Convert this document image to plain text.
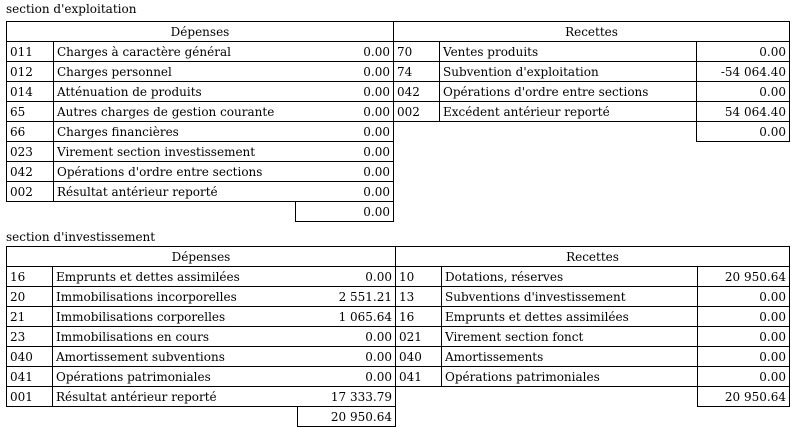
section d'exploitation
Dépenses			Recettes		
011	Charges à caractère général	0.00	70	Ventes produits	0.00
012	Charges personnel	0.00	74	Subvention d'exploitation	-54 064.40
014	Atténuation de produits	0.00	042	Opérations d'ordre entre sections	0.00
65	Autres charges de gestion courante	0.00	002	Excédent antérieur reporté	54 064.40
66	Charges financières	0.00			0.00
023	Virement section investissement	0.00			
042	Opérations d'ordre entre sections	0.00			
002	Résultat antérieur reporté	0.00			
		0.00			
section d'investissement
Dépenses			Recettes		
16	Emprunts et dettes assimilées	0.00	10	Dotations, réserves	20 950.64
20	Immobilisations incorporelles	2 551.21	13	Subventions d'investissement	0.00
21	Immobilisations corporelles	1 065.64	16	Emprunts et dettes assimilées	0.00
23	Immobilisations en cours	0.00	021	Virement section fonct	0.00
040	Amortissement subventions	0.00	040	Amortissements	0.00
041	Opérations patrimoniales	0.00	041	Opérations patrimoniales	0.00
001	Résultat antérieur reporté	17 333.79			20 950.64
		20 950.64			
